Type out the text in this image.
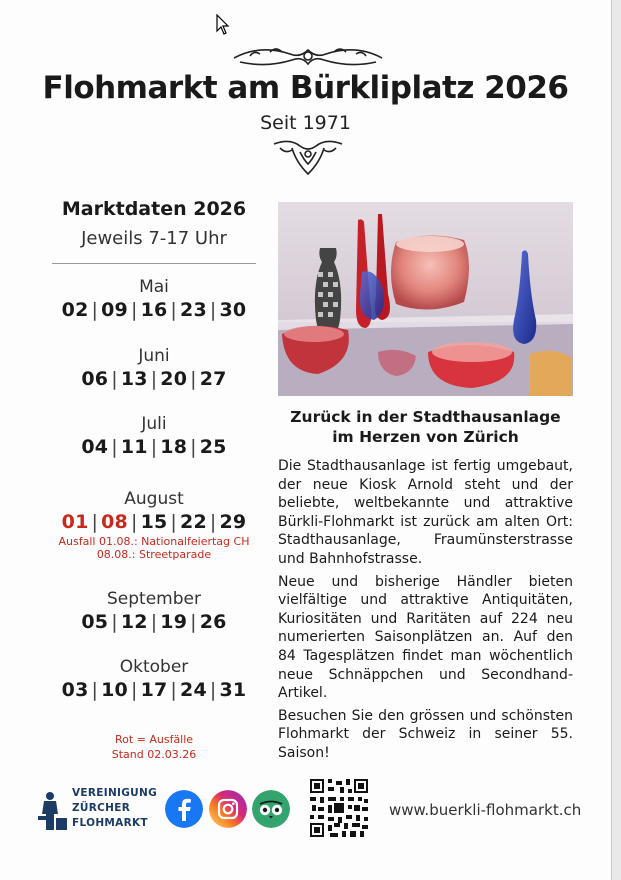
Flohmarkt am Bürkliplatz 2026
Seit 1971
Marktdaten 2026
Jeweils 7-17 Uhr
Mai
02 | 09 | 16 | 23 | 30
Juni
06 | 13 | 20 | 27
Juli
04 | 11 | 18 | 25
August
01 | 08 | 15 | 22 | 29
Ausfall 01.08.: Nationalfeiertag CH
08.08.: Streetparade
September
05 | 12 | 19 | 26
Oktober
03 | 10 | 17 | 24 | 31
Rot = Ausfälle
Stand 02.03.26
Zurück in der Stadthausanlage
im Herzen von Zürich

Die Stadthausanlage ist fertig umgebaut, der neue Kiosk Arnold steht und der beliebte, weltbekannte und attraktive Bürkli-Flohmarkt ist zurück am alten Ort: Stadthausanlage, Fraumünsterstrasse und Bahnhofstrasse.

Neue und bisherige Händler bieten vielfältige und attraktive Antiquitäten, Kuriositäten und Raritäten auf 224 neu numerierten Saisonplätzen an. Auf den 84 Tagesplätzen findet man wöchentlich neue Schnäppchen und Secondhand-Artikel.

Besuchen Sie den grössen und schönsten Flohmarkt der Schweiz in seiner 55. Saison!

VEREINIGUNG
ZÜRCHER
FLOHMARKT
www.buerkli-flohmarkt.ch
